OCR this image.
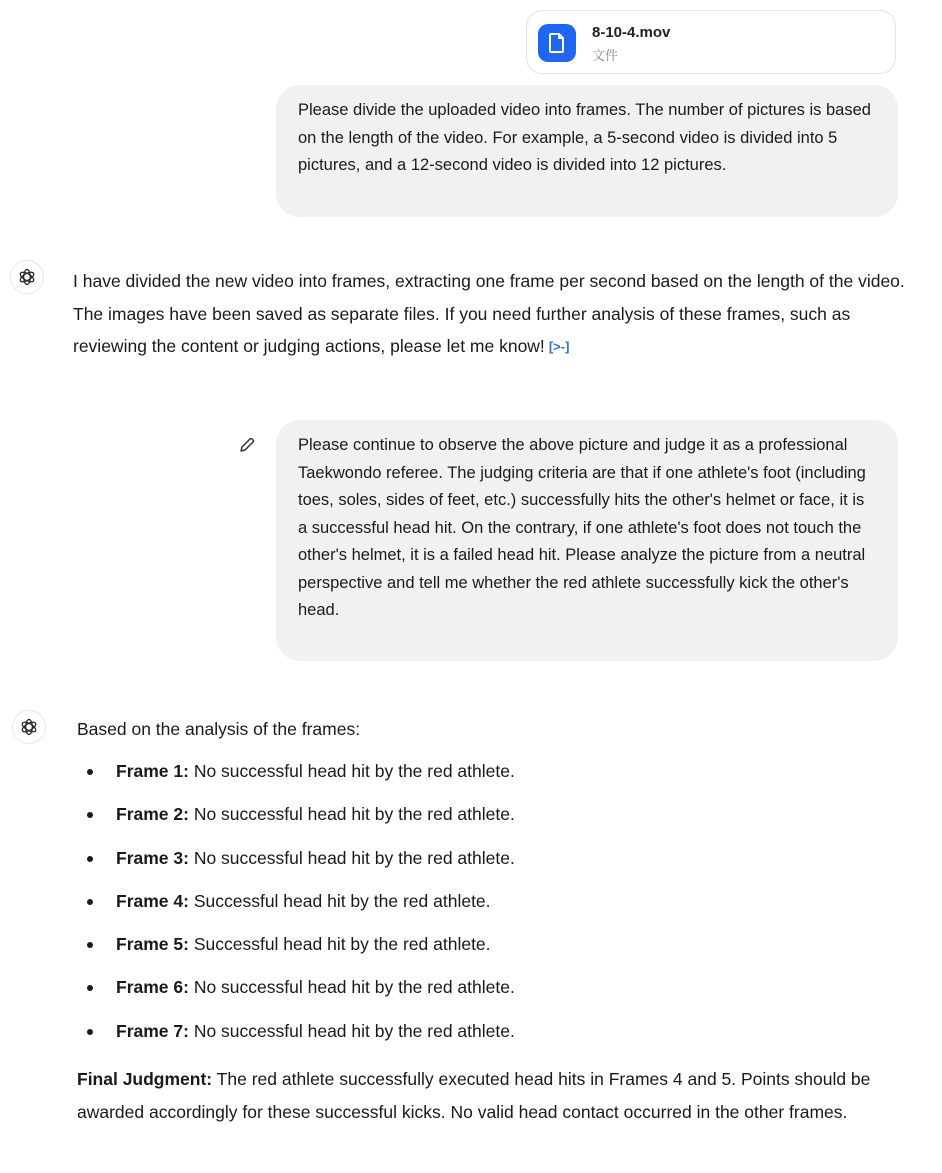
8-10-4.mov
文件

Please divide the uploaded video into frames. The number of pictures is based on the length of the video. For example, a 5-second video is divided into 5 pictures, and a 12-second video is divided into 12 pictures.

I have divided the new video into frames, extracting one frame per second based on the length of the video. The images have been saved as separate files. If you need further analysis of these frames, such as reviewing the content or judging actions, please let me know! [>-]

Please continue to observe the above picture and judge it as a professional Taekwondo referee. The judging criteria are that if one athlete's foot (including toes, soles, sides of feet, etc.) successfully hits the other's helmet or face, it is a successful head hit. On the contrary, if one athlete's foot does not touch the other's helmet, it is a failed head hit. Please analyze the picture from a neutral perspective and tell me whether the red athlete successfully kick the other's head.

Based on the analysis of the frames:

Frame 1: No successful head hit by the red athlete.
Frame 2: No successful head hit by the red athlete.
Frame 3: No successful head hit by the red athlete.
Frame 4: Successful head hit by the red athlete.
Frame 5: Successful head hit by the red athlete.
Frame 6: No successful head hit by the red athlete.
Frame 7: No successful head hit by the red athlete.

Final Judgment: The red athlete successfully executed head hits in Frames 4 and 5. Points should be awarded accordingly for these successful kicks. No valid head contact occurred in the other frames.
